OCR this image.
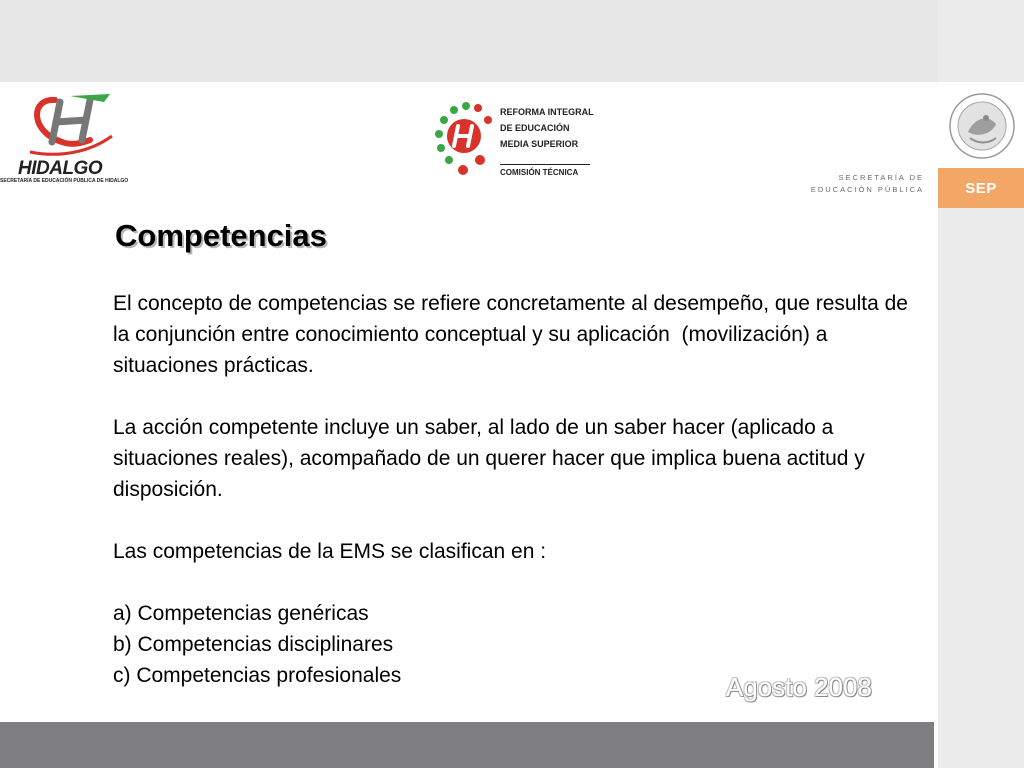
HIDALGO
SECRETARÍA DE EDUCACIÓN PÚBLICA DE HIDALGO
REFORMA INTEGRAL
DE EDUCACIÓN
MEDIA SUPERIOR
COMISIÓN TÉCNICA
SECRETARÍA DE
EDUCACIÓN PÚBLICA	SEP
Competencias

El concepto de competencias se refiere concretamente al desempeño, que resulta de la conjunción entre conocimiento conceptual y su aplicación  (movilización) a situaciones prácticas.

La acción competente incluye un saber, al lado de un saber hacer (aplicado a situaciones reales), acompañado de un querer hacer que implica buena actitud y disposición.

Las competencias de la EMS se clasifican en :

a) Competencias genéricas

b) Competencias disciplinares

c) Competencias profesionales	Agosto 2008
